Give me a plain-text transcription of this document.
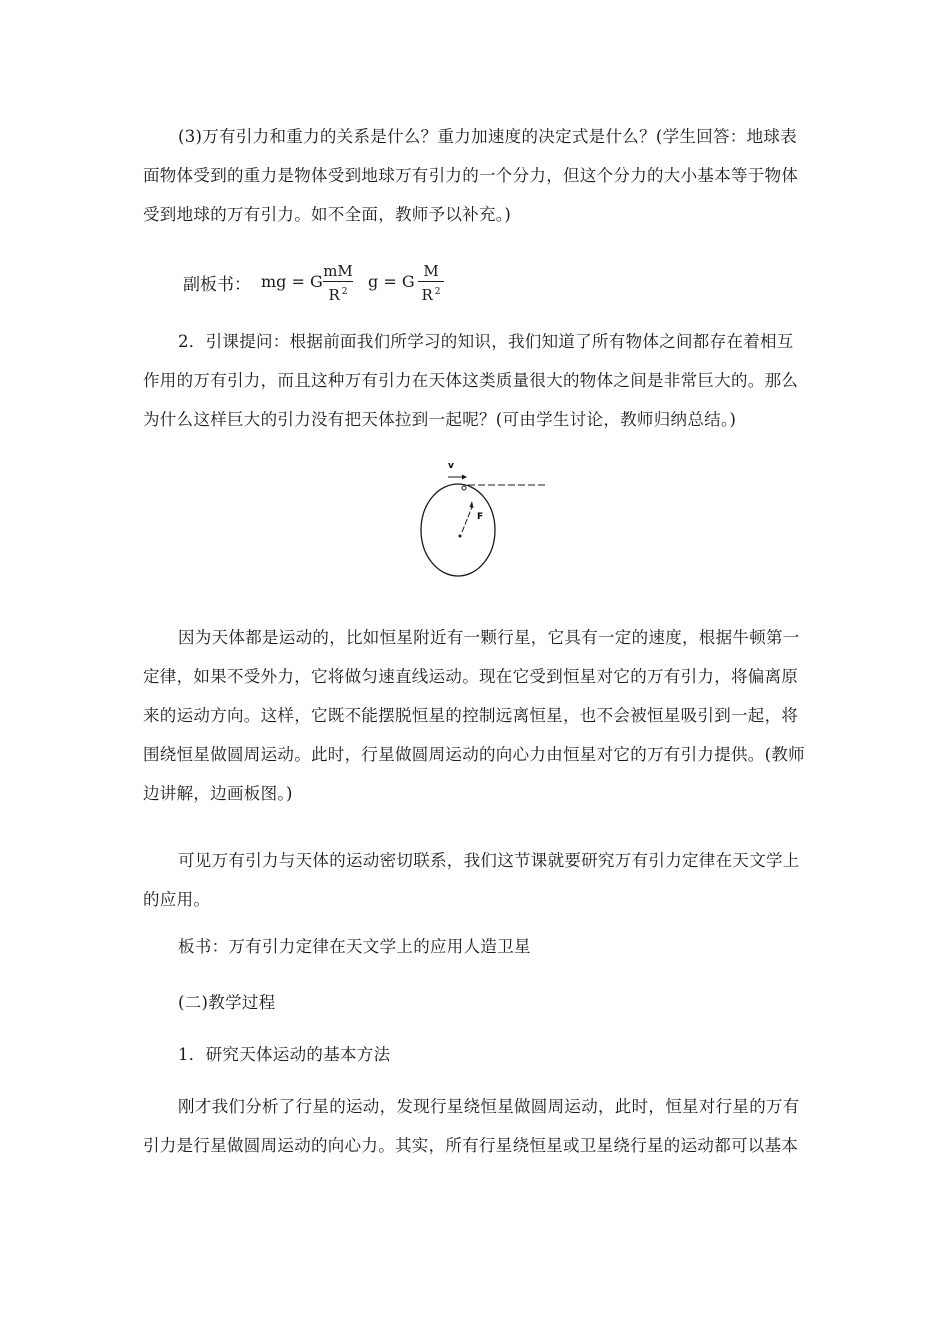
(3)万有引力和重力的关系是什么？重力加速度的决定式是什么？(学生回答：地球表
面物体受到的重力是物体受到地球万有引力的一个分力，但这个分力的大小基本等于物体
受到地球的万有引力。如不全面，教师予以补充。)

副板书： mg = G
mM
R $^2$
g = G
M
R $^2$

2．引课提问：根据前面我们所学习的知识，我们知道了所有物体之间都存在着相互
作用的万有引力，而且这种万有引力在天体这类质量很大的物体之间是非常巨大的。那么
为什么这样巨大的引力没有把天体拉到一起呢？(可由学生讨论，教师归纳总结。)

v
F

因为天体都是运动的，比如恒星附近有一颗行星，它具有一定的速度，根据牛顿第一
定律，如果不受外力，它将做匀速直线运动。现在它受到恒星对它的万有引力，将偏离原
来的运动方向。这样，它既不能摆脱恒星的控制远离恒星，也不会被恒星吸引到一起，将
围绕恒星做圆周运动。此时，行星做圆周运动的向心力由恒星对它的万有引力提供。(教师
边讲解，边画板图。)

可见万有引力与天体的运动密切联系，我们这节课就要研究万有引力定律在天文学上
的应用。

板书：万有引力定律在天文学上的应用人造卫星

(二)教学过程

1．研究天体运动的基本方法

刚才我们分析了行星的运动，发现行星绕恒星做圆周运动，此时，恒星对行星的万有
引力是行星做圆周运动的向心力。其实，所有行星绕恒星或卫星绕行星的运动都可以基本
